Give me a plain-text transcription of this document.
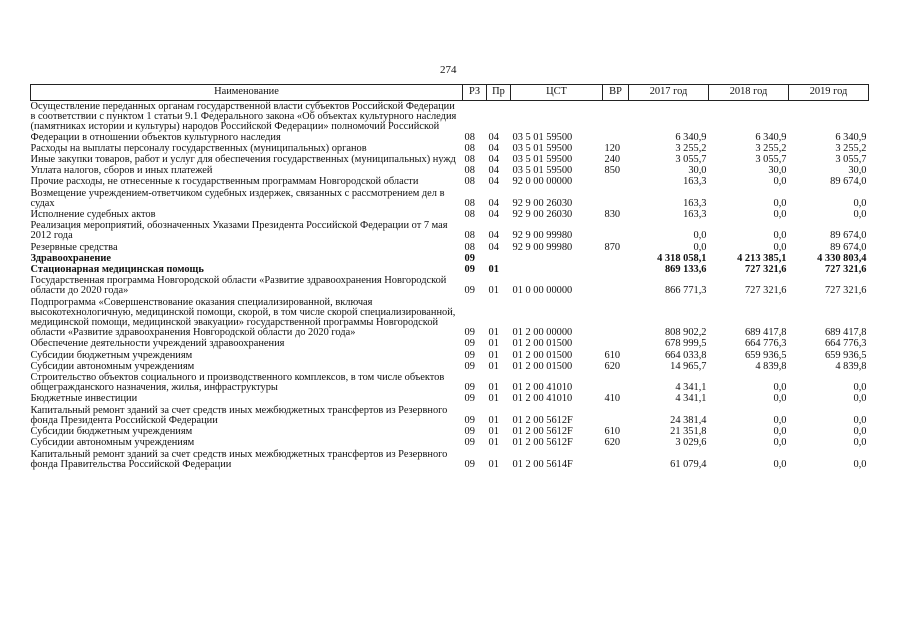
274
Наименование	РЗ	Пр	ЦСТ	ВР	2017 год	2018 год	2019 год
Осуществление переданных органам государственной власти субъектов Российской Федерации в соответствии с пунктом 1 статьи 9.1 Федерального закона «Об объектах культурного наследия (памятниках истории и культуры) народов Российской Федерации» полномочий Российской Федерации в отношении объектов культурного наследия	08	04	03 5 01 59500		6 340,9	6 340,9	6 340,9
Расходы на выплаты персоналу государственных (муниципальных) органов	08	04	03 5 01 59500	120	3 255,2	3 255,2	3 255,2
Иные закупки товаров, работ и услуг для обеспечения государственных (муниципальных) нужд	08	04	03 5 01 59500	240	3 055,7	3 055,7	3 055,7
Уплата налогов, сборов и иных платежей	08	04	03 5 01 59500	850	30,0	30,0	30,0
Прочие расходы, не отнесенные к государственным программам Новгородской области	08	04	92 0 00 00000		163,3	0,0	89 674,0
Возмещение учреждением-ответчиком судебных издержек, связанных с рассмотрением дел в судах	08	04	92 9 00 26030		163,3	0,0	0,0
Исполнение судебных актов	08	04	92 9 00 26030	830	163,3	0,0	0,0
Реализация мероприятий, обозначенных Указами Президента Российской Федерации от 7 мая 2012 года	08	04	92 9 00 99980		0,0	0,0	89 674,0
Резервные средства	08	04	92 9 00 99980	870	0,0	0,0	89 674,0
Здравоохранение	09				4 318 058,1	4 213 385,1	4 330 803,4
Стационарная медицинская помощь	09	01			869 133,6	727 321,6	727 321,6
Государственная программа Новгородской области «Развитие здравоохранения Новгородской области до 2020 года»	09	01	01 0 00 00000		866 771,3	727 321,6	727 321,6
Подпрограмма «Совершенствование оказания специализированной, включая высокотехнологичную, медицинской помощи, скорой, в том числе скорой специализированной, медицинской помощи, медицинской эвакуации» государственной программы Новгородской области «Развитие здравоохранения Новгородской области до 2020 года»	09	01	01 2 00 00000		808 902,2	689 417,8	689 417,8
Обеспечение деятельности учреждений здравоохранения	09	01	01 2 00 01500		678 999,5	664 776,3	664 776,3
Субсидии бюджетным учреждениям	09	01	01 2 00 01500	610	664 033,8	659 936,5	659 936,5
Субсидии автономным учреждениям	09	01	01 2 00 01500	620	14 965,7	4 839,8	4 839,8
Строительство объектов социального и производственного комплексов, в том числе объектов общегражданского назначения, жилья, инфраструктуры	09	01	01 2 00 41010		4 341,1	0,0	0,0
Бюджетные инвестиции	09	01	01 2 00 41010	410	4 341,1	0,0	0,0
Капитальный ремонт зданий за счет средств иных межбюджетных трансфертов из Резервного фонда Президента Российской Федерации	09	01	01 2 00 5612F		24 381,4	0,0	0,0
Субсидии бюджетным учреждениям	09	01	01 2 00 5612F	610	21 351,8	0,0	0,0
Субсидии автономным учреждениям	09	01	01 2 00 5612F	620	3 029,6	0,0	0,0
Капитальный ремонт зданий за счет средств иных межбюджетных трансфертов из Резервного фонда Правительства Российской Федерации	09	01	01 2 00 5614F		61 079,4	0,0	0,0
